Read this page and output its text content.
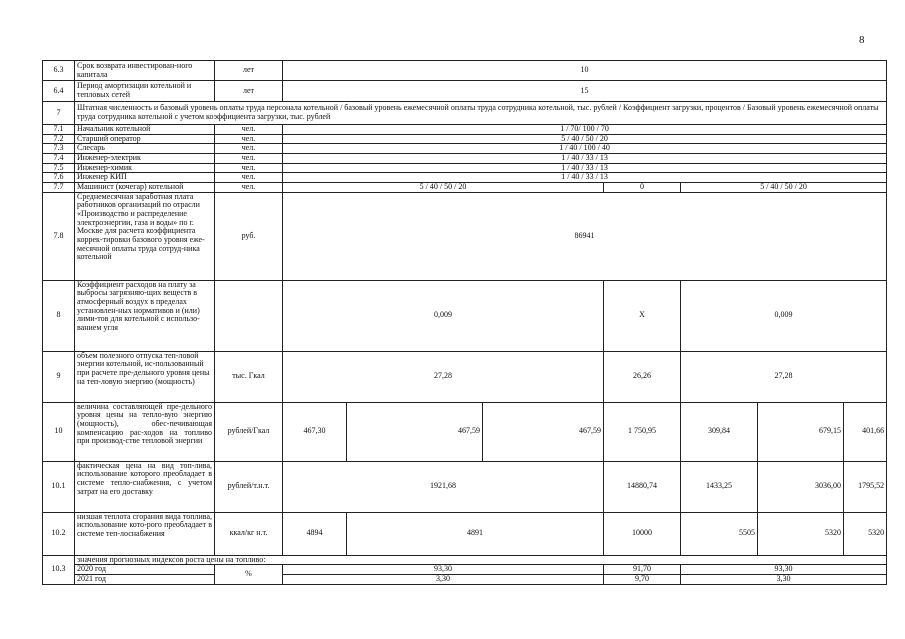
8
6.3	Срок возврата инвестирован-ного капитала	лет	10						
6.4	Период амортизации котельной и тепловых сетей	лет	15						
7	Штатная численность и базовый уровень оплаты труда персонала котельной / базовый уровень ежемесячной оплаты труда сотрудника котельной, тыс. рублей / Коэффициент загрузки, процентов / Базовый уровень ежемесячной оплаты труда сотрудника котельной с учетом коэффициента загрузки, тыс. рублей								
7.1	Начальник котельной	чел.	1 / 70/ 100 / 70						
7.2	Старший оператор	чел.	5 / 40 / 50 / 20						
7.3	Слесарь	чел.	1 / 40 / 100 / 40						
7.4	Инженер-электрик	чел.	1 / 40 / 33 / 13						
7.5	Инженер-химик	чел.	1 / 40 / 33 / 13						
7.6	Инженер КИП	чел.	1 / 40 / 33 / 13						
7.7	Машинист (кочегар) котельной	чел.	5 / 40 / 50 / 20			0	5 / 40 / 50 / 20		
7.8	Среднемесячная заработная плата работников организаций по отрасли «Производство и распределение электроэнергии, газа и воды» по г. Москве для расчета коэффициента коррек-тировки базового уровня еже-месячной оплаты труда сотруд-ника котельной	руб.	86941						
8	Коэффициент расходов на плату за выбросы загрязняю-щих веществ в атмосферный воздух в пределах установлен-ных нормативов и (или) лими-тов для котельной с использо-ванием угля		0,009			X	0,009		
9	объем полезного отпуска теп-ловой энергии котельной, ис-пользованный при расчете пре-дельного уровня цены на теп-ловую энергию (мощность)	тыс. Гкал	27,28			26,26	27,28		
10	величина составляющей пре-дельного уровня цены на тепло-вую энергию (мощность), обес-печивающая компенсацию рас-ходов на топливо при производ-стве тепловой энергии	рублей/Гкал	467,30	467,59	467,59	1 750,95	309,84	679,15	401,66
10.1	фактическая цена на вид топ-лива, использование которого преобладает в системе тепло-снабжения, с учетом затрат на его доставку	рублей/т.н.т.	1921,68			14880,74	1433,25	3036,00	1795,52
10.2	низшая теплота сгорания вида топлива, использование кото-рого преобладает в системе теп-лоснабжения	ккал/кг н.т.	4894	4891		10000	5505	5320	5320
10.3	значения прогнозных индексов роста цены на топливо:								
	2020 год	%	93,30			91,70	93,30		
	2021 год		3,30			9,70	3,30		
